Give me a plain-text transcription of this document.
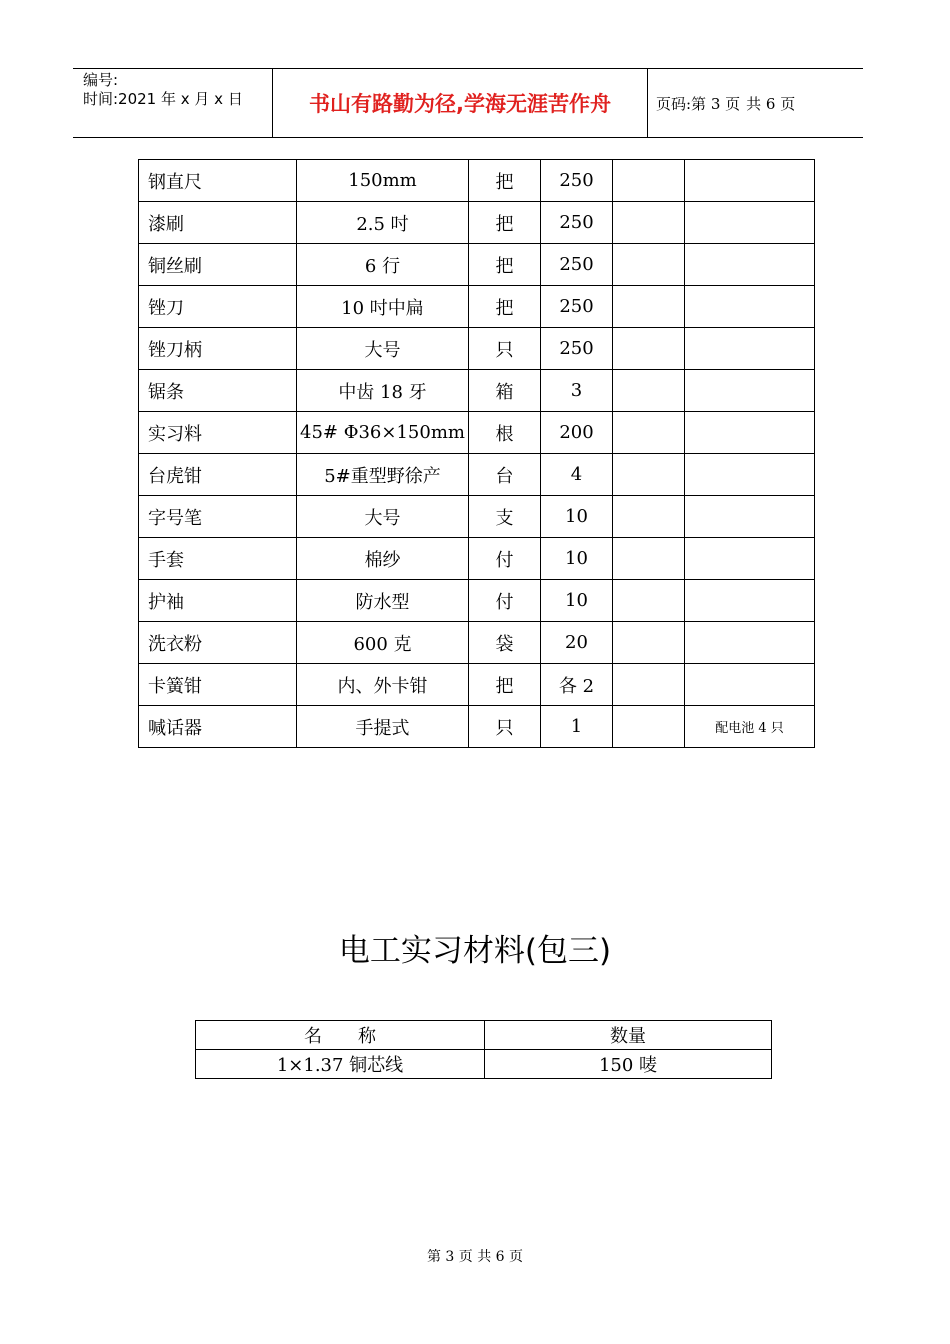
编号:
时间:2021 年 x 月 x 日	书山有路勤为径,学海无涯苦作舟	页码:第 3 页 共 6 页
钢直尺	150mm	把	250		
漆刷	2.5 吋	把	250		
铜丝刷	6 行	把	250		
锉刀	10 吋中扁	把	250		
锉刀柄	大号	只	250		
锯条	中齿 18 牙	箱	3		
实习料	45# Φ36×150mm	根	200		
台虎钳	5#重型野徐产	台	4		
字号笔	大号	支	10		
手套	棉纱	付	10		
护袖	防水型	付	10		
洗衣粉	600 克	袋	20		
卡簧钳	内、外卡钳	把	各 2		
喊话器	手提式	只	1		配电池 4 只
电工实习材料(包三)
名　　称	数量
1×1.37 铜芯线	150 唛
第 3 页 共 6 页
